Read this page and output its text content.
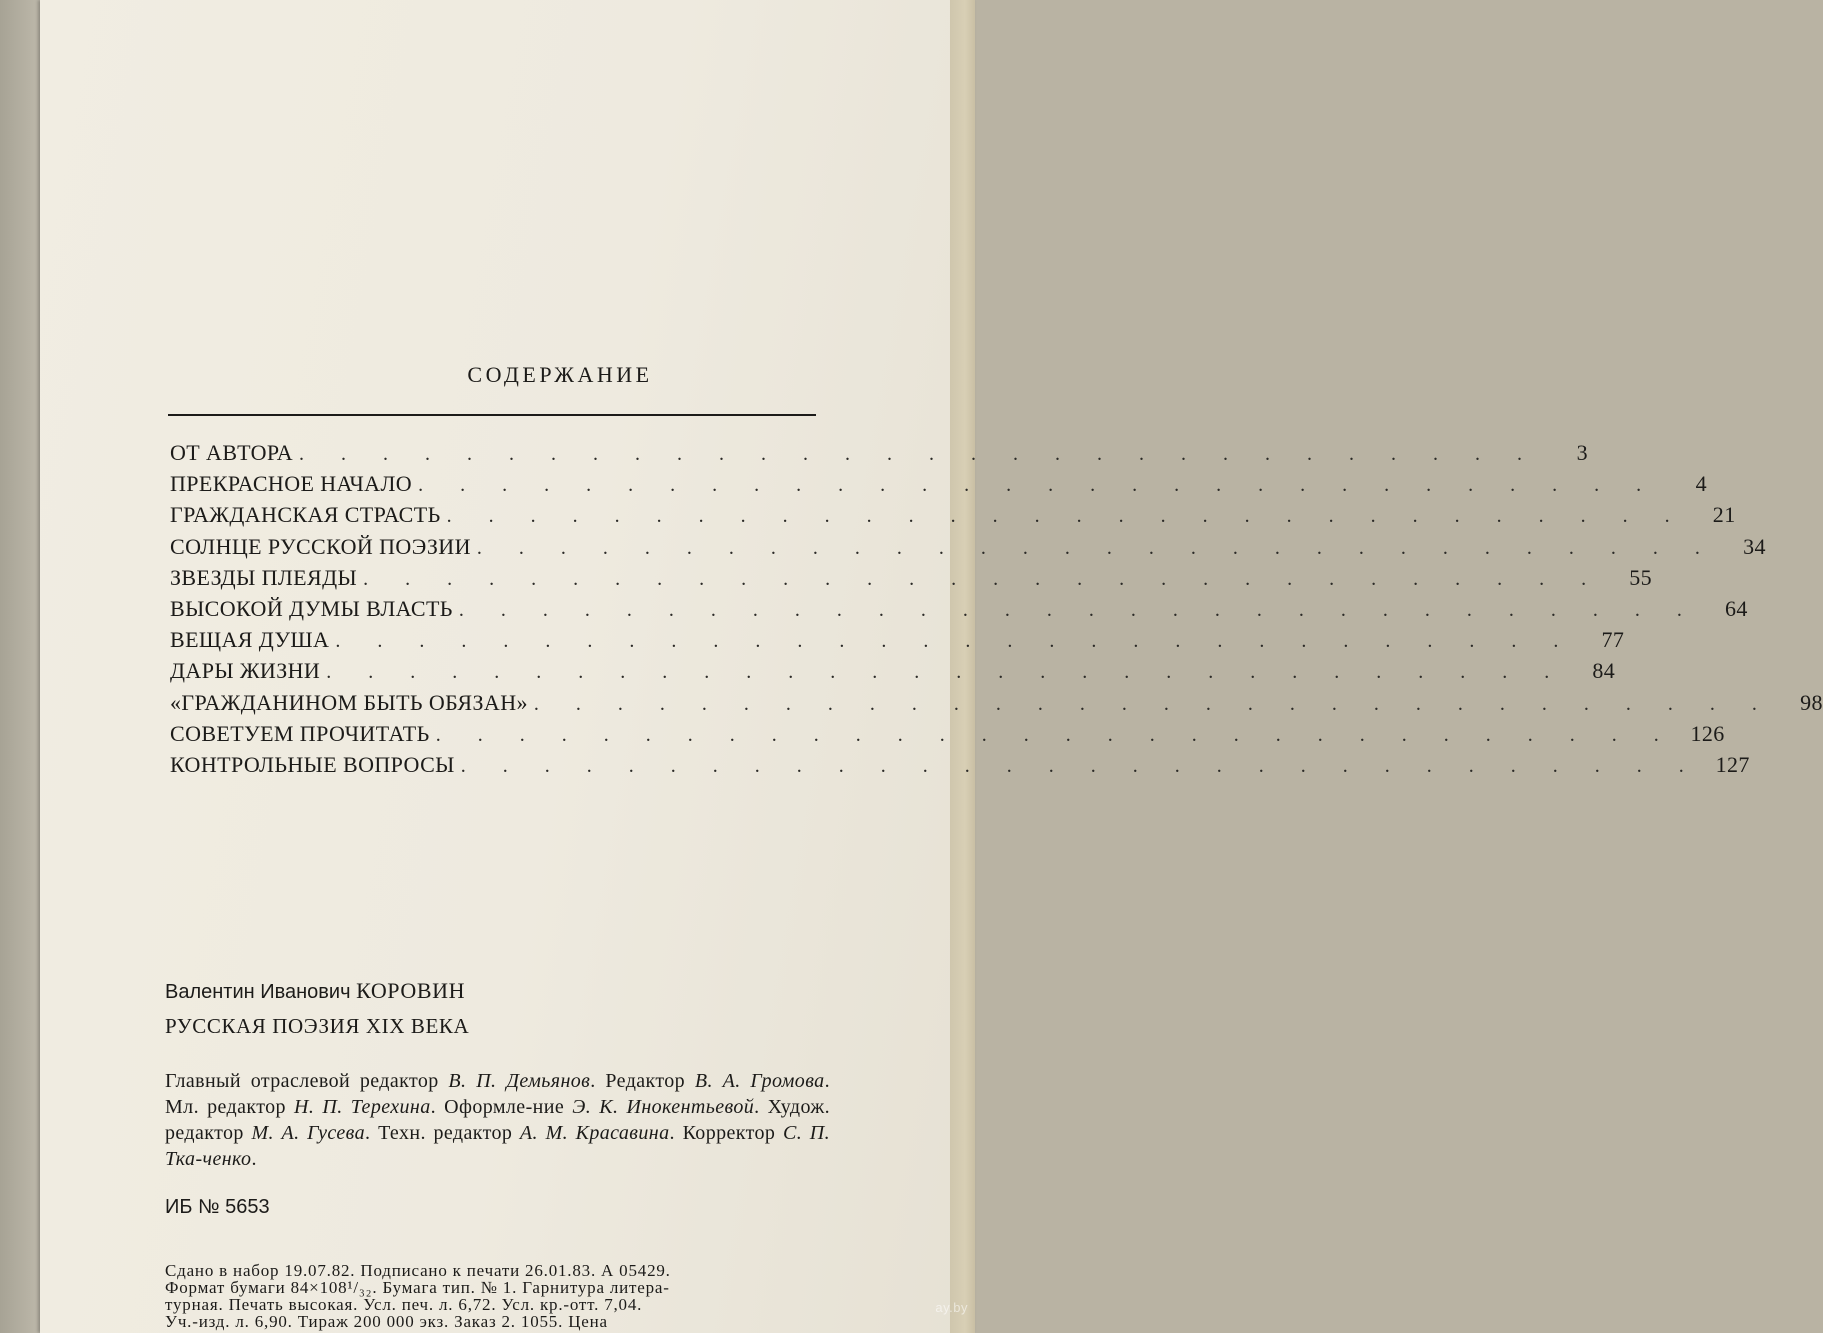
СОДЕРЖАНИЕ
ОТ АВТОРА . . . . . . . . . . . . . . . . . . . . . . . . . . . . . .	3
ПРЕКРАСНОЕ НАЧАЛО . . . . . . . . . . . . . . . . . . . . . . . . . . . . . .	4
ГРАЖДАНСКАЯ СТРАСТЬ . . . . . . . . . . . . . . . . . . . . . . . . . . . . . .	21
СОЛНЦЕ РУССКОЙ ПОЭЗИИ . . . . . . . . . . . . . . . . . . . . . . . . . . . . . .	34
ЗВЕЗДЫ ПЛЕЯДЫ . . . . . . . . . . . . . . . . . . . . . . . . . . . . . .	55
ВЫСОКОЙ ДУМЫ ВЛАСТЬ . . . . . . . . . . . . . . . . . . . . . . . . . . . . . .	64
ВЕЩАЯ ДУША . . . . . . . . . . . . . . . . . . . . . . . . . . . . . .	77
ДАРЫ ЖИЗНИ . . . . . . . . . . . . . . . . . . . . . . . . . . . . . .	84
«ГРАЖДАНИНОМ БЫТЬ ОБЯЗАН» . . . . . . . . . . . . . . . . . . . . . . . . . . . . . .	98
СОВЕТУЕМ ПРОЧИТАТЬ . . . . . . . . . . . . . . . . . . . . . . . . . . . . . . 126
КОНТРОЛЬНЫЕ ВОПРОСЫ . . . . . . . . . . . . . . . . . . . . . . . . . . . . . . 127
Валентин Иванович КОРОВИН
РУССКАЯ ПОЭЗИЯ XIX ВЕКА
Главный отраслевой редактор В. П. Демьянов. Редактор В. А. Громова. Мл. редактор Н. П. Терехина. Оформле-ние Э. К. Инокентьевой. Худож. редактор М. А. Гусева. Техн. редактор А. М. Красавина. Корректор С. П. Тка-ченко.
ИБ № 5653
Сдано в набор 19.07.82. Подписано к печати 26.01.83. А 05429.
Формат бумаги 84×108¹/₃₂. Бумага тип. № 1. Гарнитура литера-
турная. Печать высокая. Усл. печ. л. 6,72. Усл. кр.-отт. 7,04.
Уч.-изд. л. 6,90. Тираж 200 000 экз. Заказ 2. 1055. Цена
ay.by
